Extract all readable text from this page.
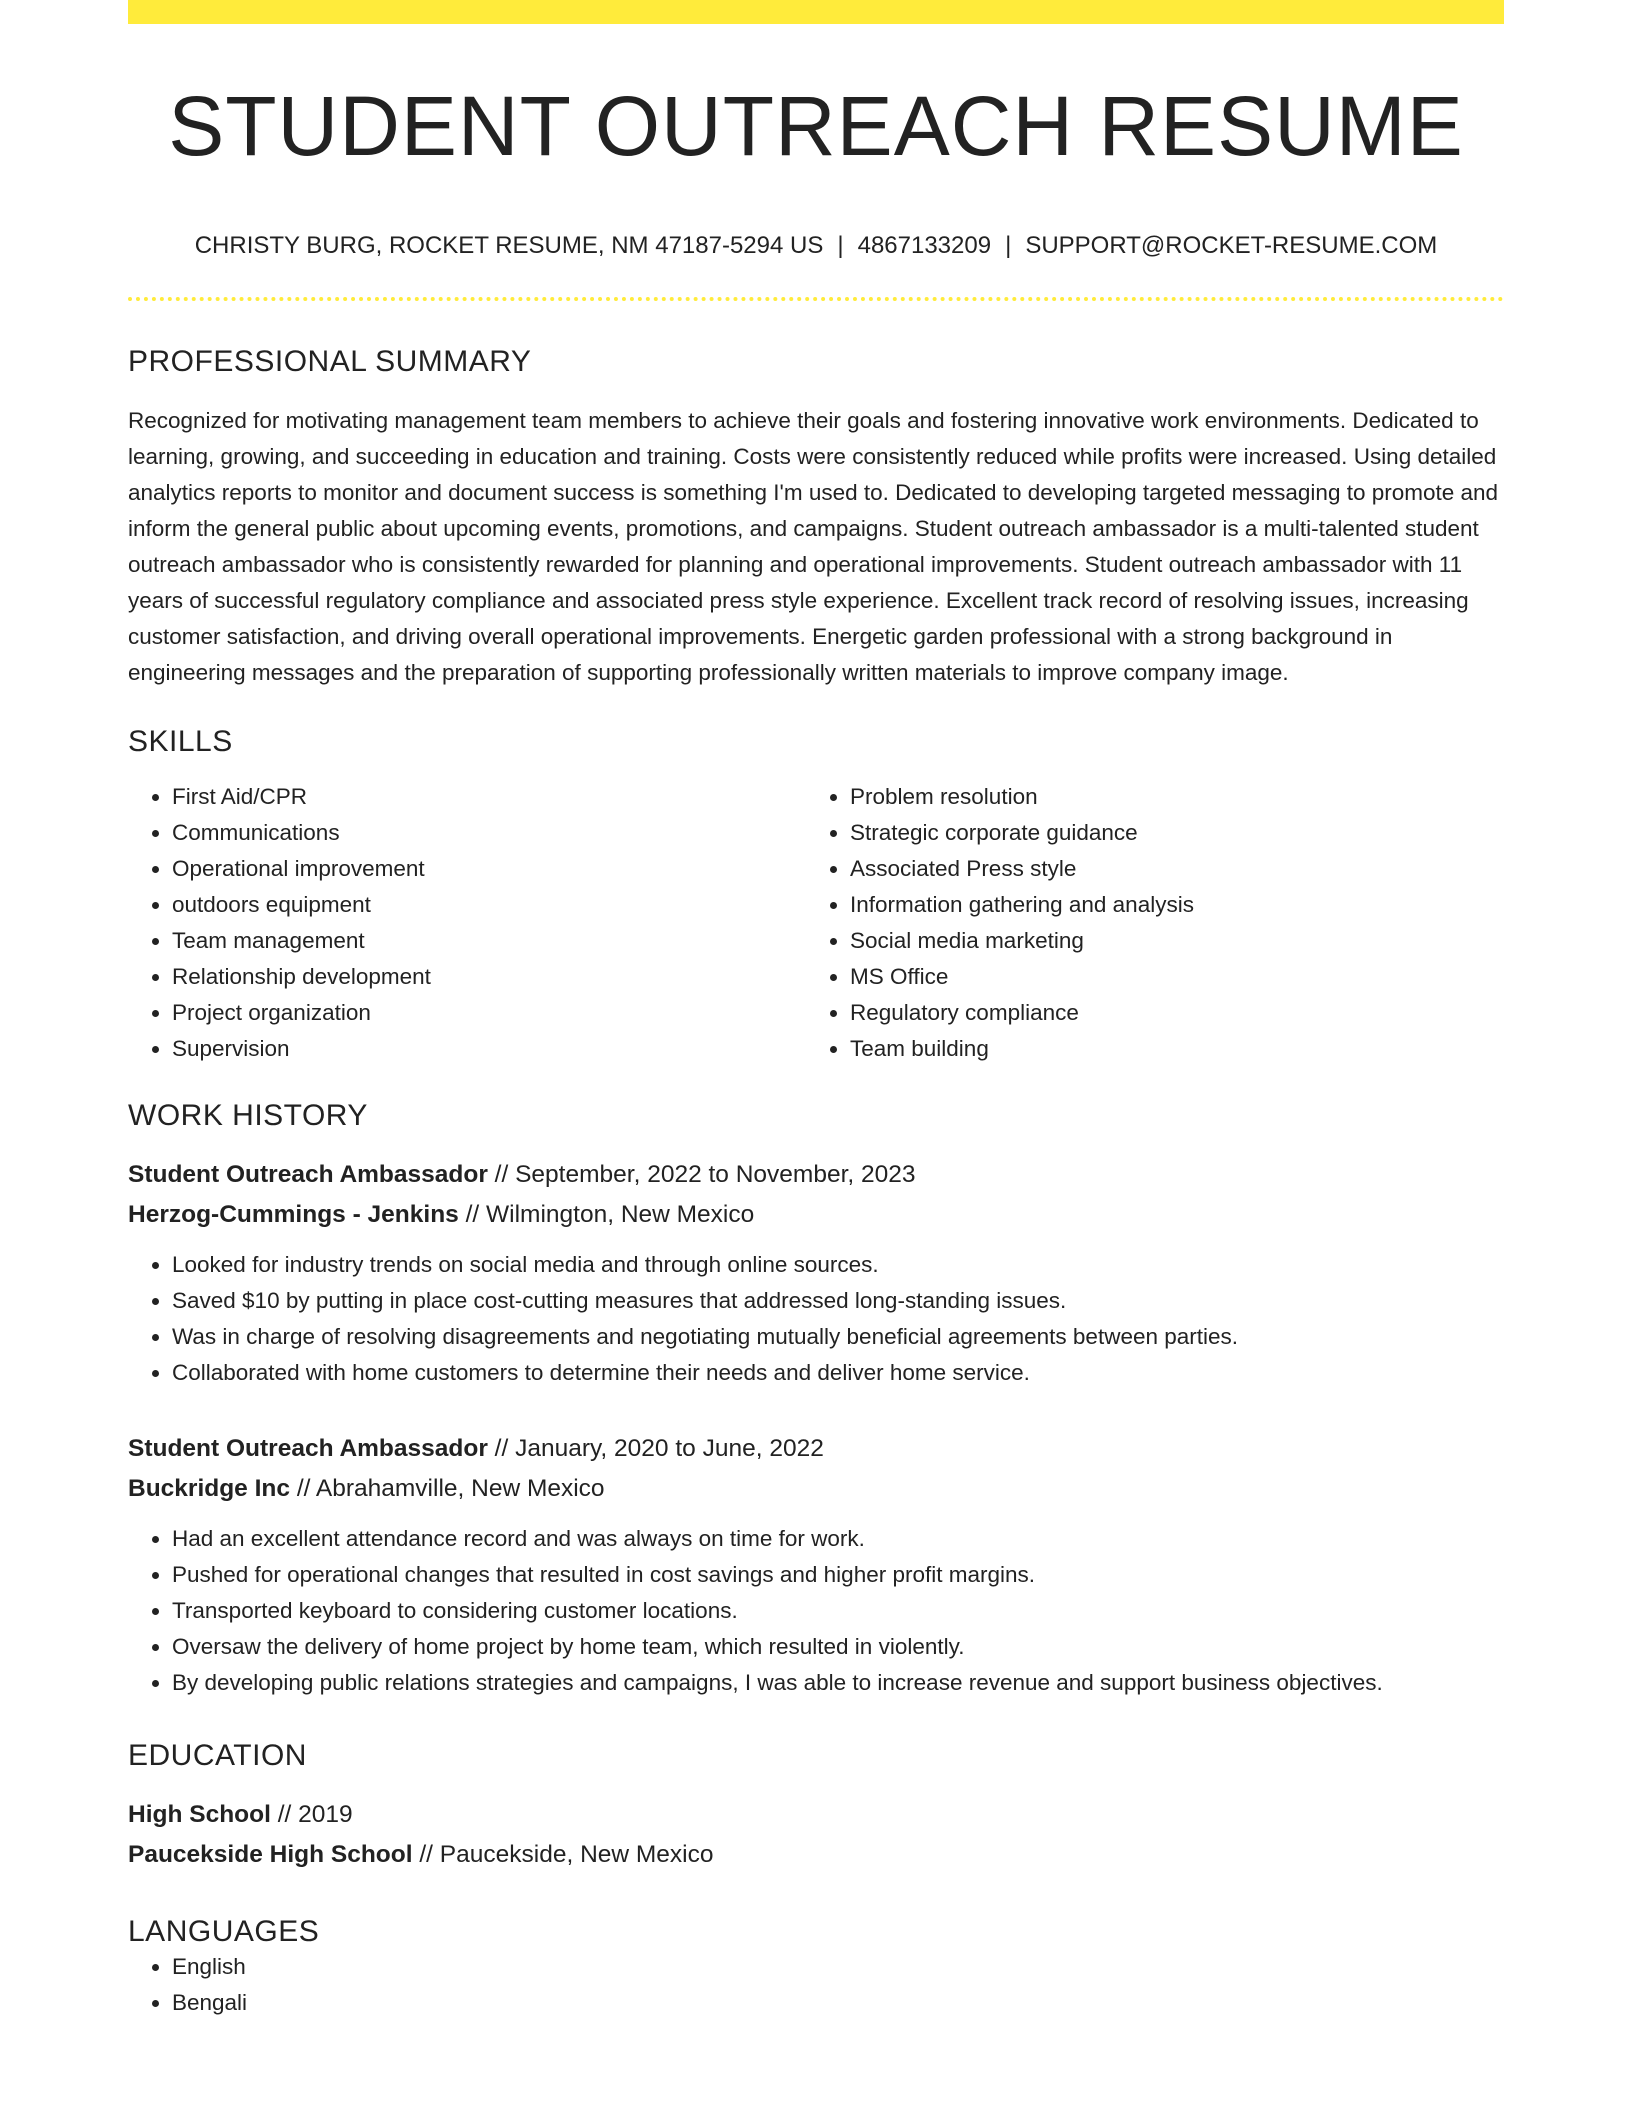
STUDENT OUTREACH RESUME
CHRISTY BURG, ROCKET RESUME, NM 47187-5294 US | 4867133209 | SUPPORT@ROCKET-RESUME.COM
PROFESSIONAL SUMMARY
Recognized for motivating management team members to achieve their goals and fostering innovative work environments. Dedicated to learning, growing, and succeeding in education and training. Costs were consistently reduced while profits were increased. Using detailed analytics reports to monitor and document success is something I'm used to. Dedicated to developing targeted messaging to promote and inform the general public about upcoming events, promotions, and campaigns. Student outreach ambassador is a multi-talented student outreach ambassador who is consistently rewarded for planning and operational improvements. Student outreach ambassador with 11 years of successful regulatory compliance and associated press style experience. Excellent track record of resolving issues, increasing customer satisfaction, and driving overall operational improvements. Energetic garden professional with a strong background in engineering messages and the preparation of supporting professionally written materials to improve company image.
SKILLS
• First Aid/CPR
• Communications
• Operational improvement
• outdoors equipment
• Team management
• Relationship development
• Project organization
• Supervision
• Problem resolution
• Strategic corporate guidance
• Associated Press style
• Information gathering and analysis
• Social media marketing
• MS Office
• Regulatory compliance
• Team building
WORK HISTORY
Student Outreach Ambassador // September, 2022 to November, 2023
Herzog-Cummings - Jenkins // Wilmington, New Mexico
• Looked for industry trends on social media and through online sources.
• Saved $10 by putting in place cost-cutting measures that addressed long-standing issues.
• Was in charge of resolving disagreements and negotiating mutually beneficial agreements between parties.
• Collaborated with home customers to determine their needs and deliver home service.
Student Outreach Ambassador // January, 2020 to June, 2022
Buckridge Inc // Abrahamville, New Mexico
• Had an excellent attendance record and was always on time for work.
• Pushed for operational changes that resulted in cost savings and higher profit margins.
• Transported keyboard to considering customer locations.
• Oversaw the delivery of home project by home team, which resulted in violently.
• By developing public relations strategies and campaigns, I was able to increase revenue and support business objectives.
EDUCATION
High School // 2019
Paucekside High School // Paucekside, New Mexico
LANGUAGES
• English
• Bengali
